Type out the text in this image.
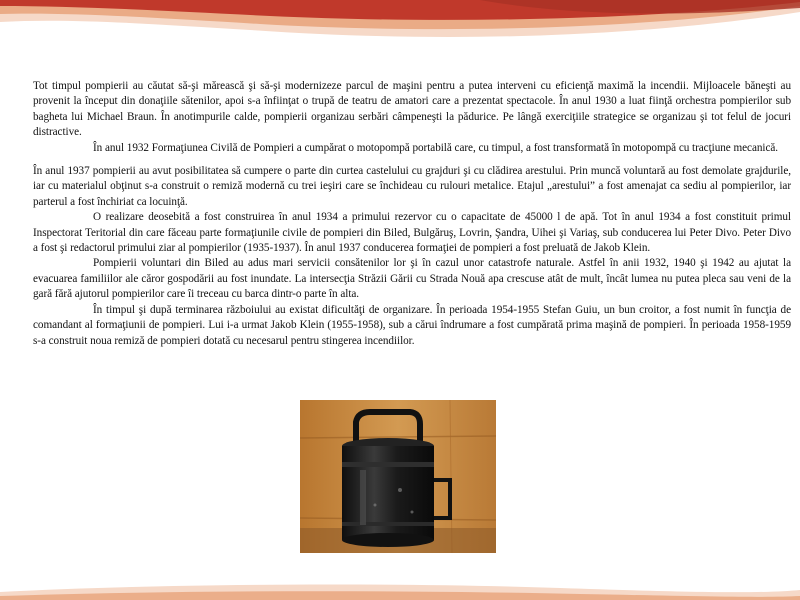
Tot timpul pompierii au căutat să-şi mărească şi să-şi modernizeze parcul de maşini pentru a putea interveni cu eficienţă maximă la incendii. Mijloacele băneşti au provenit la început din donaţiile sătenilor, apoi s-a înfiinţat o trupă de teatru de amatori care a prezentat spectacole. În anul 1930 a luat fiinţă orchestra pompierilor sub bagheta lui Michael Braun. În anotimpurile calde, pompierii organizau serbări câmpeneşti la pădurice. Pe lângă exerciţiile strategice se organizau şi tot felul de jocuri distractive.

În anul 1932 Formaţiunea Civilă de Pompieri a cumpărat o motopompă portabilă care, cu timpul, a fost transformată în motopompă cu tracţiune mecanică.

În anul 1937 pompierii au avut posibilitatea să cumpere o parte din curtea castelului cu grajduri şi cu clădirea arestului. Prin muncă voluntară au fost demolate grajdurile, iar cu materialul obţinut s-a construit o remiză modernă cu trei ieşiri care se închideau cu rulouri metalice. Etajul „arestului” a fost amenajat ca sediu al pompierilor, iar parterul a fost închiriat ca locuinţă.

O realizare deosebită a fost construirea în anul 1934 a primului rezervor cu o capacitate de 45000 l de apă. Tot în anul 1934 a fost constituit primul Inspectorat Teritorial din care făceau parte formaţiunile civile de pompieri din Biled, Bulgăruş, Lovrin, Şandra, Uihei şi Variaş, sub conducerea lui Peter Divo. Peter Divo a fost şi redactorul primului ziar al pompierilor (1935-1937). În anul 1937 conducerea formaţiei de pompieri a fost preluată de Jakob Klein.

Pompierii voluntari din Biled au adus mari servicii consătenilor lor şi în cazul unor catastrofe naturale. Astfel în anii 1932, 1940 şi 1942 au ajutat la evacuarea familiilor ale căror gospodării au fost inundate. La intersecţia Străzii Gării cu Strada Nouă apa crescuse atât de mult, încât lumea nu putea pleca sau veni de la gară fără ajutorul pompierilor care îi treceau cu barca dintr-o parte în alta.

În timpul şi după terminarea războiului au existat dificultăţi de organizare. În perioada 1954-1955 Stefan Guiu, un bun croitor, a fost numit în funcţia de comandant al formaţiunii de pompieri. Lui i-a urmat Jakob Klein (1955-1958), sub a cărui îndrumare a fost cumpărată prima maşină de pompieri. În perioada 1958-1959 s-a construit noua remiză de pompieri dotată cu necesarul pentru stingerea incendiilor.
